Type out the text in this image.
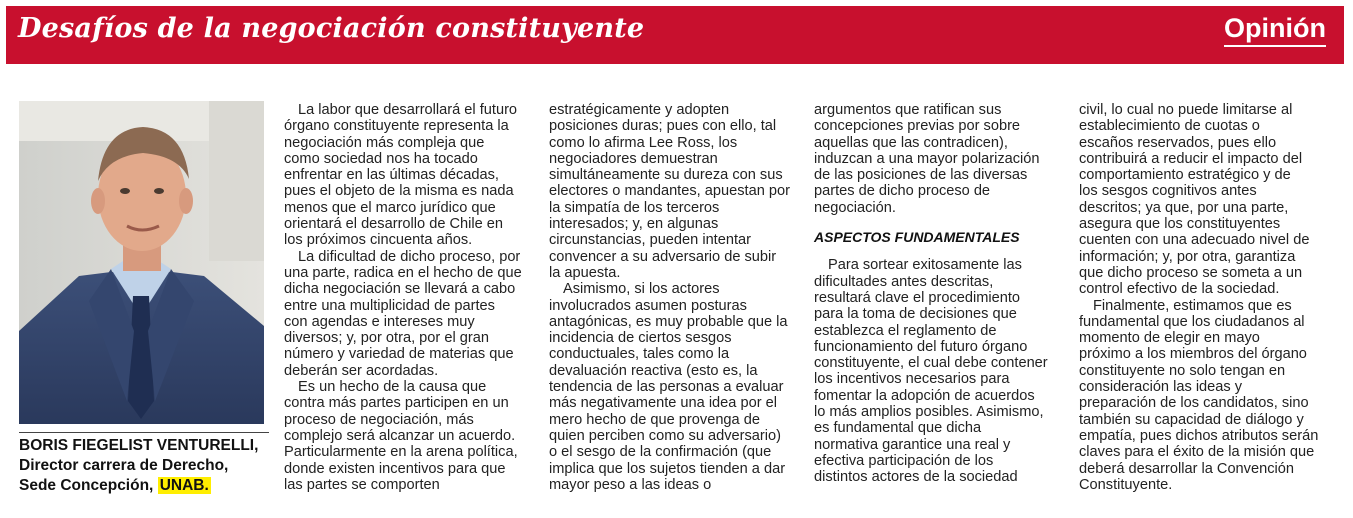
Desafíos de la negociación constituyente	Opinión
BORIS FIEGELIST VENTURELLI,
Director carrera de Derecho,
Sede Concepción, UNAB.

La labor que desarrollará el futuro

órgano constituyente representa la

negociación más compleja que

como sociedad nos ha tocado

enfrentar en las últimas décadas,

pues el objeto de la misma es nada

menos que el marco jurídico que

orientará el desarrollo de Chile en

los próximos cincuenta años.

La dificultad de dicho proceso, por

una parte, radica en el hecho de que

dicha negociación se llevará a cabo

entre una multiplicidad de partes

con agendas e intereses muy

diversos; y, por otra, por el gran

número y variedad de materias que

deberán ser acordadas.

Es un hecho de la causa que

contra más partes participen en un

proceso de negociación, más

complejo será alcanzar un acuerdo.

Particularmente en la arena política,

donde existen incentivos para que

las partes se comporten

estratégicamente y adopten

posiciones duras; pues con ello, tal

como lo afirma Lee Ross, los

negociadores demuestran

simultáneamente su dureza con sus

electores o mandantes, apuestan por

la simpatía de los terceros

interesados; y, en algunas

circunstancias, pueden intentar

convencer a su adversario de subir

la apuesta.

Asimismo, si los actores

involucrados asumen posturas

antagónicas, es muy probable que la

incidencia de ciertos sesgos

conductuales, tales como la

devaluación reactiva (esto es, la

tendencia de las personas a evaluar

más negativamente una idea por el

mero hecho de que provenga de

quien perciben como su adversario)

o el sesgo de la confirmación (que

implica que los sujetos tienden a dar

mayor peso a las ideas o

argumentos que ratifican sus

concepciones previas por sobre

aquellas que las contradicen),

induzcan a una mayor polarización

de las posiciones de las diversas

partes de dicho proceso de

negociación.

ASPECTOS FUNDAMENTALES

Para sortear exitosamente las

dificultades antes descritas,

resultará clave el procedimiento

para la toma de decisiones que

establezca el reglamento de

funcionamiento del futuro órgano

constituyente, el cual debe contener

los incentivos necesarios para

fomentar la adopción de acuerdos

lo más amplios posibles. Asimismo,

es fundamental que dicha

normativa garantice una real y

efectiva participación de los

distintos actores de la sociedad

civil, lo cual no puede limitarse al

establecimiento de cuotas o

escaños reservados, pues ello

contribuirá a reducir el impacto del

comportamiento estratégico y de

los sesgos cognitivos antes

descritos; ya que, por una parte,

asegura que los constituyentes

cuenten con una adecuado nivel de

información; y, por otra, garantiza

que dicho proceso se someta a un

control efectivo de la sociedad.

Finalmente, estimamos que es

fundamental que los ciudadanos al

momento de elegir en mayo

próximo a los miembros del órgano

constituyente no solo tengan en

consideración las ideas y

preparación de los candidatos, sino

también su capacidad de diálogo y

empatía, pues dichos atributos serán

claves para el éxito de la misión que

deberá desarrollar la Convención

Constituyente.
